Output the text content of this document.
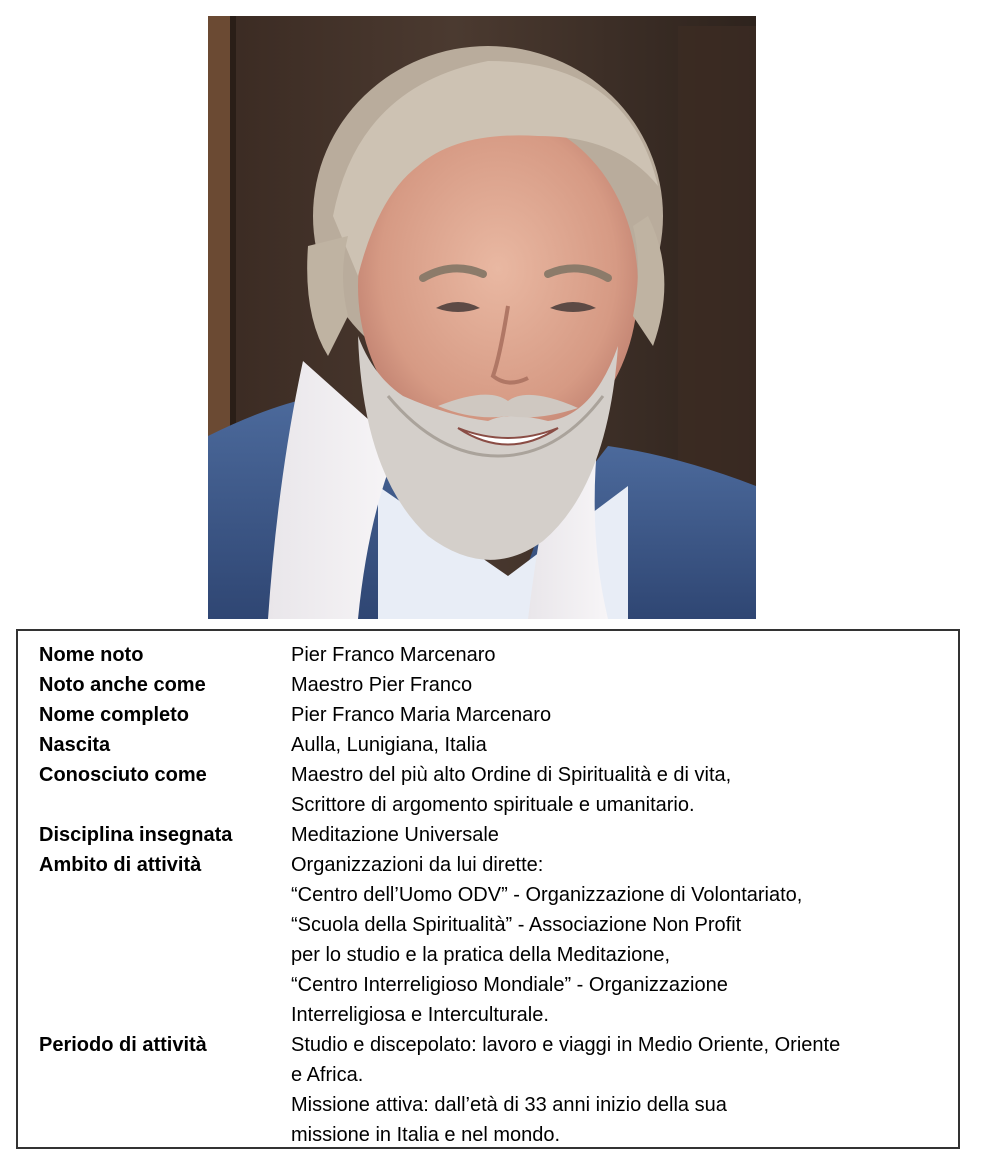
Nome noto	Pier Franco Marcenaro
Noto anche come	Maestro Pier Franco
Nome completo	Pier Franco Maria Marcenaro
Nascita	Aulla, Lunigiana, Italia
Conosciuto come	Maestro del più alto Ordine di Spiritualità e di vita,
Scrittore di argomento spirituale e umanitario.
Disciplina insegnata	Meditazione Universale
Ambito di attività	Organizzazioni da lui dirette:
“Centro dell’Uomo ODV” - Organizzazione di Volontariato,
“Scuola della Spiritualità” - Associazione Non Profit
per lo studio e la pratica della Meditazione,
“Centro Interreligioso Mondiale” - Organizzazione
Interreligiosa e Interculturale.
Periodo di attività	Studio e discepolato: lavoro e viaggi in Medio Oriente, Oriente
e Africa.
Missione attiva: dall’età di 33 anni inizio della sua
missione in Italia e nel mondo.
